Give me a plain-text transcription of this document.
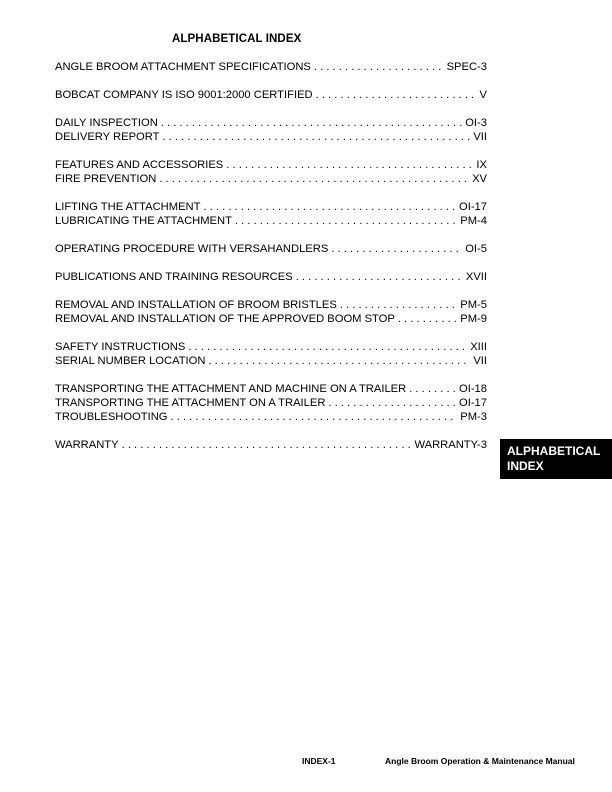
ALPHABETICAL INDEX
ANGLE BROOM ATTACHMENT SPECIFICATIONS . . .	SPEC-3
BOBCAT COMPANY IS ISO 9001:2000 CERTIFIED . . .	V
DAILY INSPECTION . . .	OI-3
DELIVERY REPORT . . .	VII
FEATURES AND ACCESSORIES . . .	IX
FIRE PREVENTION . . .	XV
LIFTING THE ATTACHMENT . . .	OI-17
LUBRICATING THE ATTACHMENT . . .	PM-4
OPERATING PROCEDURE WITH VERSAHANDLERS . . .	OI-5
PUBLICATIONS AND TRAINING RESOURCES . . .	XVII
REMOVAL AND INSTALLATION OF BROOM BRISTLES . . .	PM-5
REMOVAL AND INSTALLATION OF THE APPROVED BOOM STOP . . .	PM-9
SAFETY INSTRUCTIONS . . .	XIII
SERIAL NUMBER LOCATION . . .	VII
TRANSPORTING THE ATTACHMENT AND MACHINE ON A TRAILER . . .	OI-18
TRANSPORTING THE ATTACHMENT ON A TRAILER . . .	OI-17
TROUBLESHOOTING . . .	PM-3
WARRANTY . . .	WARRANTY-3 ALPHABETICAL
INDEX
INDEX-1	Angle Broom Operation & Maintenance Manual
